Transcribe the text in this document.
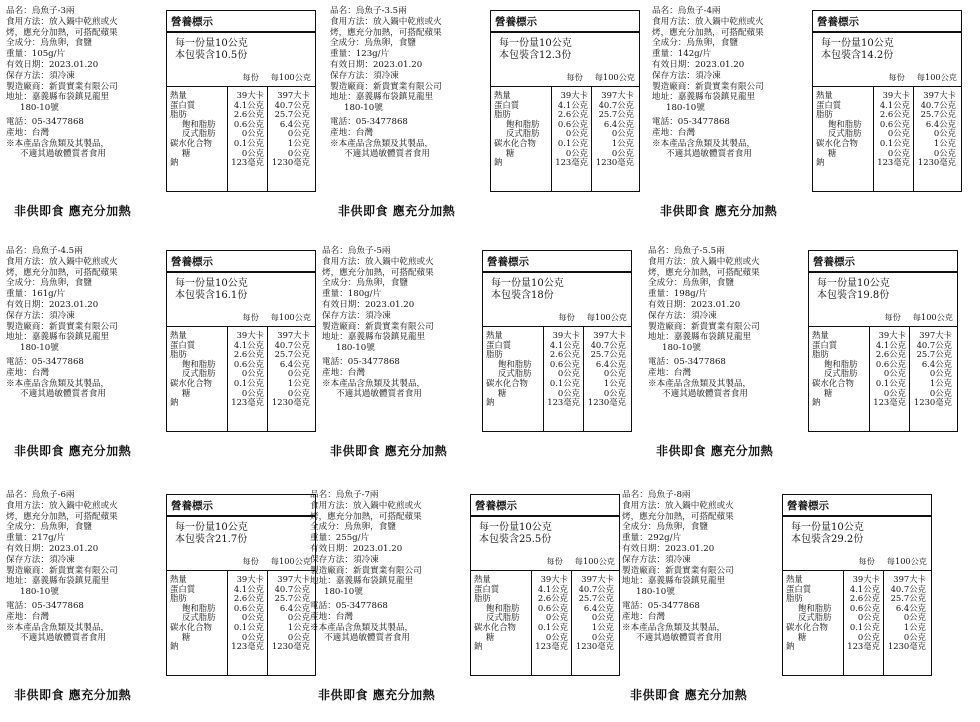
品名：烏魚子-3兩
食用方法：放入鍋中乾煎或火
烤，應充分加熱，可搭配蘋果
全成分：烏魚卵，食鹽
重量：105g/片
有效日期：2023.01.20
保存方法：須冷凍
製造廠商：新貴實業有限公司
地址：嘉義縣布袋鎮見龍里
180-10號
電話：05-3477868
產地：台灣
※本產品含魚類及其製品，
不適其過敏體質者食用
營養標示
每一份量10公克
本包裝含10.5份
每份 每100公克
熱量	39大卡	397大卡
蛋白質	4.1公克	40.7公克
脂肪	2.6公克	25.7公克
飽和脂肪	0.6公克	6.4公克
反式脂肪	0公克	0公克
碳水化合物	0.1公克	1公克
糖	0公克	0公克
鈉	123毫克 1230毫克
非供即食 應充分加熱
品名：烏魚子-3.5兩
食用方法：放入鍋中乾煎或火
烤，應充分加熱，可搭配蘋果
全成分：烏魚卵，食鹽
重量：123g/片
有效日期：2023.01.20
保存方法：須冷凍
製造廠商：新貴實業有限公司
地址：嘉義縣布袋鎮見龍里
180-10號
電話：05-3477868
產地：台灣
※本產品含魚類及其製品，
不適其過敏體質者食用
營養標示
每一份量10公克
本包裝含12.3份
每份 每100公克
熱量	39大卡	397大卡
蛋白質	4.1公克	40.7公克
脂肪	2.6公克	25.7公克
飽和脂肪	0.6公克	6.4公克
反式脂肪	0公克	0公克
碳水化合物	0.1公克	1公克
糖	0公克	0公克
鈉	123毫克 1230毫克
非供即食 應充分加熱
品名：烏魚子-4兩
食用方法：放入鍋中乾煎或火
烤，應充分加熱，可搭配蘋果
全成分：烏魚卵，食鹽
重量：142g/片
有效日期：2023.01.20
保存方法：須冷凍
製造廠商：新貴實業有限公司
地址：嘉義縣布袋鎮見龍里
180-10號
電話：05-3477868
產地：台灣
※本產品含魚類及其製品，
不適其過敏體質者食用
營養標示
每一份量10公克
本包裝含14.2份
每份 每100公克
熱量	39大卡	397大卡
蛋白質	4.1公克	40.7公克
脂肪	2.6公克	25.7公克
飽和脂肪	0.6公克	6.4公克
反式脂肪	0公克	0公克
碳水化合物	0.1公克	1公克
糖	0公克	0公克
鈉	123毫克 1230毫克
非供即食 應充分加熱
品名：烏魚子-4.5兩
食用方法：放入鍋中乾煎或火
烤，應充分加熱，可搭配蘋果
全成分：烏魚卵，食鹽
重量：161g/片
有效日期：2023.01.20
保存方法：須冷凍
製造廠商：新貴實業有限公司
地址：嘉義縣布袋鎮見龍里
180-10號
電話：05-3477868
產地：台灣
※本產品含魚類及其製品，
不適其過敏體質者食用
營養標示
每一份量10公克
本包裝含16.1份
每份 每100公克
熱量	39大卡	397大卡
蛋白質	4.1公克	40.7公克
脂肪	2.6公克	25.7公克
飽和脂肪	0.6公克	6.4公克
反式脂肪	0公克	0公克
碳水化合物	0.1公克	1公克
糖	0公克	0公克
鈉	123毫克 1230毫克
非供即食 應充分加熱
品名：烏魚子-5兩
食用方法：放入鍋中乾煎或火
烤，應充分加熱，可搭配蘋果
全成分：烏魚卵，食鹽
重量：180g/片
有效日期：2023.01.20
保存方法：須冷凍
製造廠商：新貴實業有限公司
地址：嘉義縣布袋鎮見龍里
180-10號
電話：05-3477868
產地：台灣
※本產品含魚類及其製品，
不適其過敏體質者食用
營養標示
每一份量10公克
本包裝含18份
每份 每100公克
熱量	39大卡	397大卡
蛋白質	4.1公克	40.7公克
脂肪	2.6公克	25.7公克
飽和脂肪	0.6公克	6.4公克
反式脂肪	0公克	0公克
碳水化合物	0.1公克	1公克
糖	0公克	0公克
鈉	123毫克 1230毫克
非供即食 應充分加熱
品名：烏魚子-5.5兩
食用方法：放入鍋中乾煎或火
烤，應充分加熱，可搭配蘋果
全成分：烏魚卵，食鹽
重量：198g/片
有效日期：2023.01.20
保存方法：須冷凍
製造廠商：新貴實業有限公司
地址：嘉義縣布袋鎮見龍里
180-10號
電話：05-3477868
產地：台灣
※本產品含魚類及其製品，
不適其過敏體質者食用
營養標示
每一份量10公克
本包裝含19.8份
每份 每100公克
熱量	39大卡	397大卡
蛋白質	4.1公克	40.7公克
脂肪	2.6公克	25.7公克
飽和脂肪	0.6公克	6.4公克
反式脂肪	0公克	0公克
碳水化合物	0.1公克	1公克
糖	0公克	0公克
鈉	123毫克 1230毫克
非供即食 應充分加熱
品名：烏魚子-6兩
食用方法：放入鍋中乾煎或火
烤，應充分加熱，可搭配蘋果
全成分：烏魚卵，食鹽
重量：217g/片
有效日期：2023.01.20
保存方法：須冷凍
製造廠商：新貴實業有限公司
地址：嘉義縣布袋鎮見龍里
180-10號
電話：05-3477868
產地：台灣
※本產品含魚類及其製品，
不適其過敏體質者食用
營養標示
每一份量10公克
本包裝含21.7份
每份 每100公克
熱量	39大卡	397大卡
蛋白質	4.1公克	40.7公克
脂肪	2.6公克	25.7公克
飽和脂肪	0.6公克	6.4公克
反式脂肪	0公克	0公克
碳水化合物	0.1公克	1公克
糖	0公克	0公克
鈉	123毫克 1230毫克
非供即食 應充分加熱
品名：烏魚子-7兩
食用方法：放入鍋中乾煎或火
烤，應充分加熱，可搭配蘋果
全成分：烏魚卵，食鹽
重量：255g/片
有效日期：2023.01.20
保存方法：須冷凍
製造廠商：新貴實業有限公司
地址：嘉義縣布袋鎮見龍里
180-10號
電話：05-3477868
產地：台灣
※本產品含魚類及其製品，
不適其過敏體質者食用
營養標示
每一份量10公克
本包裝含25.5份
每份 每100公克
熱量	39大卡	397大卡
蛋白質	4.1公克	40.7公克
脂肪	2.6公克	25.7公克
飽和脂肪	0.6公克	6.4公克
反式脂肪	0公克	0公克
碳水化合物	0.1公克	1公克
糖	0公克	0公克
鈉	123毫克 1230毫克
非供即食 應充分加熱
品名：烏魚子-8兩
食用方法：放入鍋中乾煎或火
烤，應充分加熱，可搭配蘋果
全成分：烏魚卵，食鹽
重量：292g/片
有效日期：2023.01.20
保存方法：須冷凍
製造廠商：新貴實業有限公司
地址：嘉義縣布袋鎮見龍里
180-10號
電話：05-3477868
產地：台灣
※本產品含魚類及其製品，
不適其過敏體質者食用
營養標示
每一份量10公克
本包裝含29.2份
每份 每100公克
熱量	39大卡	397大卡
蛋白質	4.1公克	40.7公克
脂肪	2.6公克	25.7公克
飽和脂肪	0.6公克	6.4公克
反式脂肪	0公克	0公克
碳水化合物	0.1公克	1公克
糖	0公克	0公克
鈉	123毫克 1230毫克
非供即食 應充分加熱
